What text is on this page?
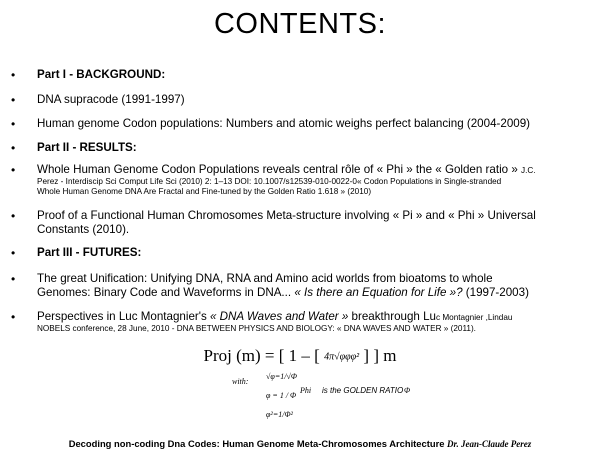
CONTENTS:
• Part I - BACKGROUND:
• DNA supracode (1991-1997)
• Human genome Codon populations: Numbers and atomic weighs perfect balancing (2004-2009)
• Part II - RESULTS:
• Whole Human Genome Codon Populations reveals central rôle of « Phi » the « Golden ratio » J.C.
Perez - Interdiscip Sci Comput Life Sci (2010) 2: 1–13 DOI: 10.1007/s12539-010-0022-0« Codon Populations in Single-stranded
Whole Human Genome DNA Are Fractal and Fine-tuned by the Golden Ratio 1.618 » (2010)
• Proof of a Functional Human Chromosomes Meta-structure involving « Pi » and « Phi » Universal
Constants (2010).
• Part III - FUTURES:
• The great Unification: Unifying DNA, RNA and Amino acid worlds from bioatoms to whole
Genomes: Binary Code and Waveforms in DNA... « Is there an Equation for Life »? (1997-2003)
• Perspectives in Luc Montagnier's « DNA Waves and Water » breakthrough Luc Montagnier ,Lindau
NOBELS conference, 28 June, 2010 - DNA BETWEEN PHYSICS AND BIOLOGY: « DNA WAVES AND WATER » (2011).
Proj (m) = [ 1 – [ 4π√φφφ² ] ] m
with:
√φ=1/√Φ
φ = 1 / Φ
φ²=1/Φ²
Phi is the GOLDEN RATIO Φ
Decoding non-coding Dna Codes: Human Genome Meta-Chromosomes Architecture Dr. Jean-Claude Perez
